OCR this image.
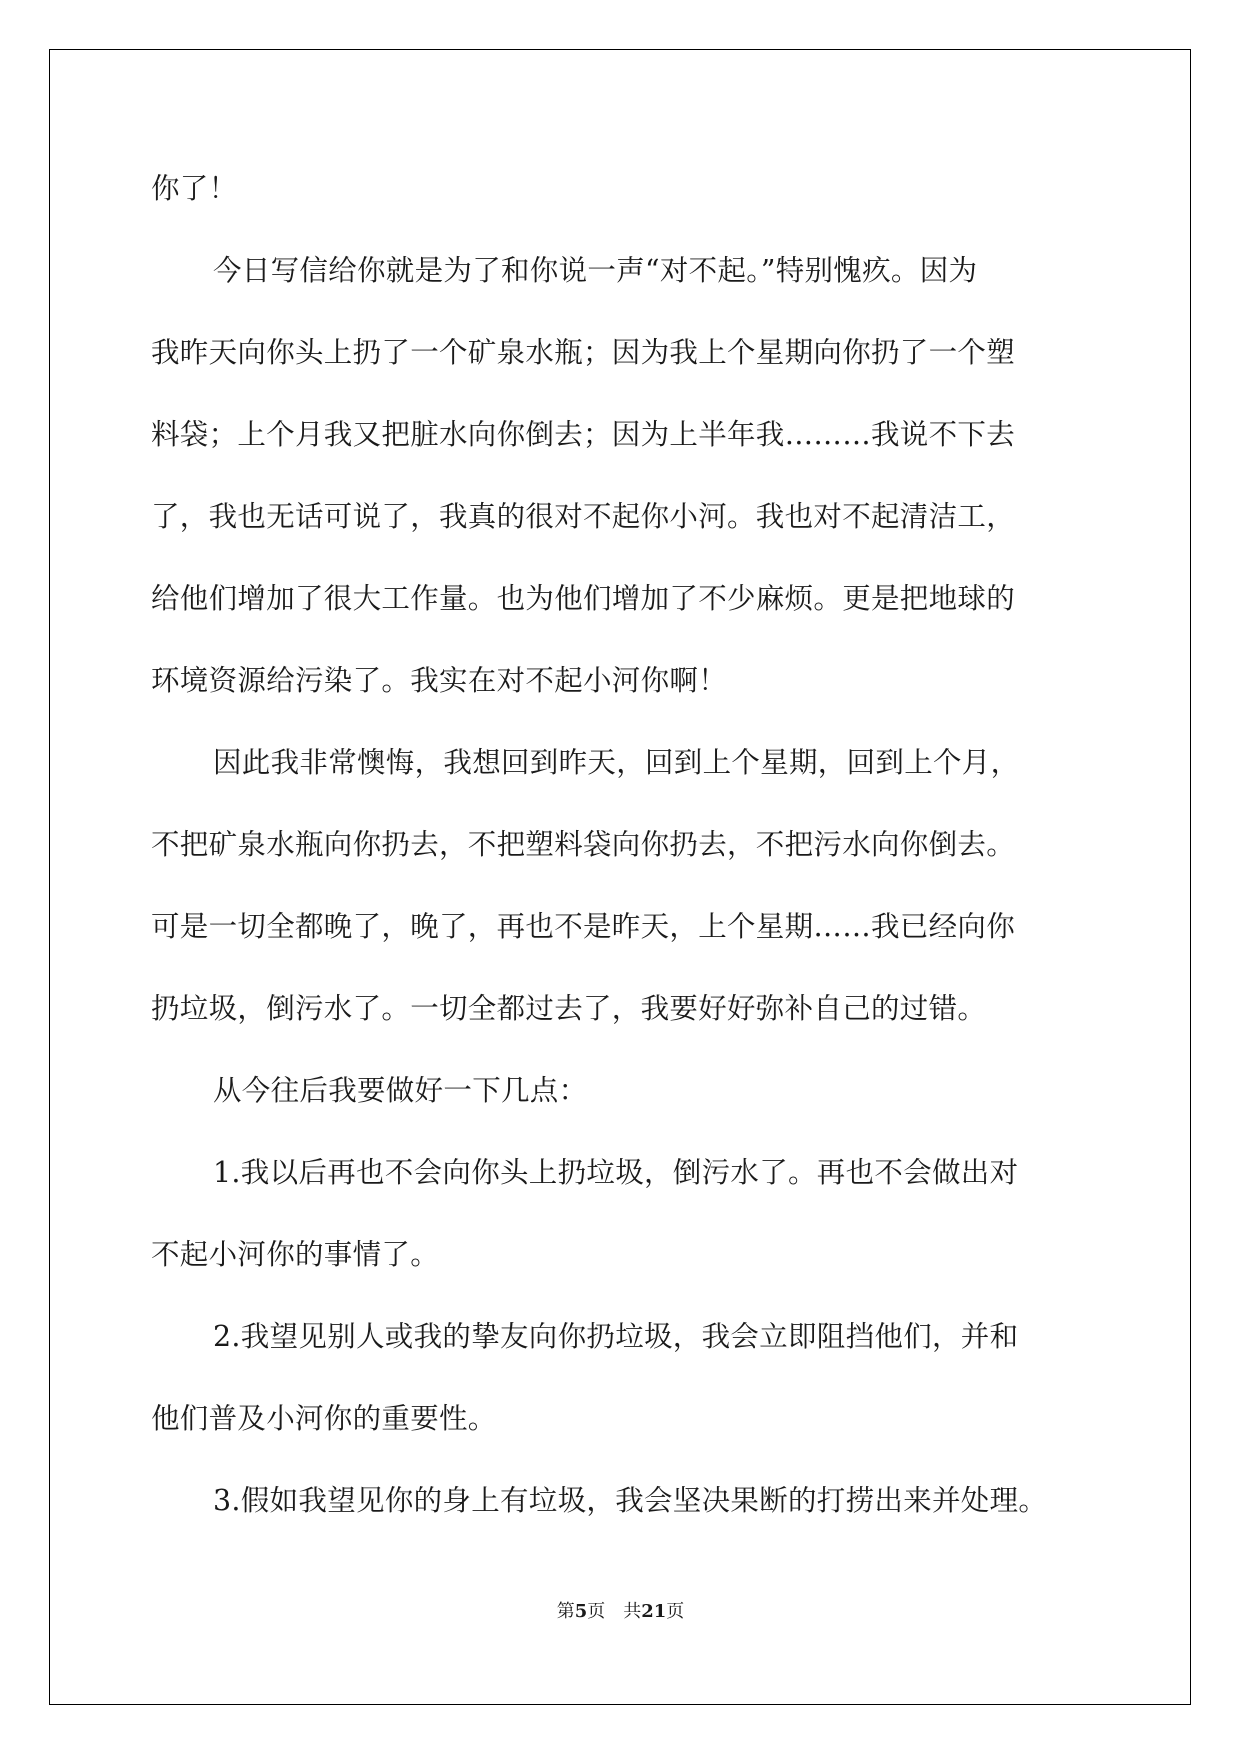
你了！
今日写信给你就是为了和你说一声“对不起。”特别愧疚。因为
我昨天向你头上扔了一个矿泉水瓶；因为我上个星期向你扔了一个塑
料袋；上个月我又把脏水向你倒去；因为上半年我………我说不下去
了，我也无话可说了，我真的很对不起你小河。我也对不起清洁工，
给他们增加了很大工作量。也为他们增加了不少麻烦。更是把地球的
环境资源给污染了。我实在对不起小河你啊！
因此我非常懊悔，我想回到昨天，回到上个星期，回到上个月，
不把矿泉水瓶向你扔去，不把塑料袋向你扔去，不把污水向你倒去。
可是一切全都晚了，晚了，再也不是昨天，上个星期……我已经向你
扔垃圾，倒污水了。一切全都过去了，我要好好弥补自己的过错。
从今往后我要做好一下几点：
1.我以后再也不会向你头上扔垃圾，倒污水了。再也不会做出对
不起小河你的事情了。
2.我望见别人或我的挚友向你扔垃圾，我会立即阻挡他们，并和
他们普及小河你的重要性。
3.假如我望见你的身上有垃圾，我会坚决果断的打捞出来并处理。
第5页 共21页
